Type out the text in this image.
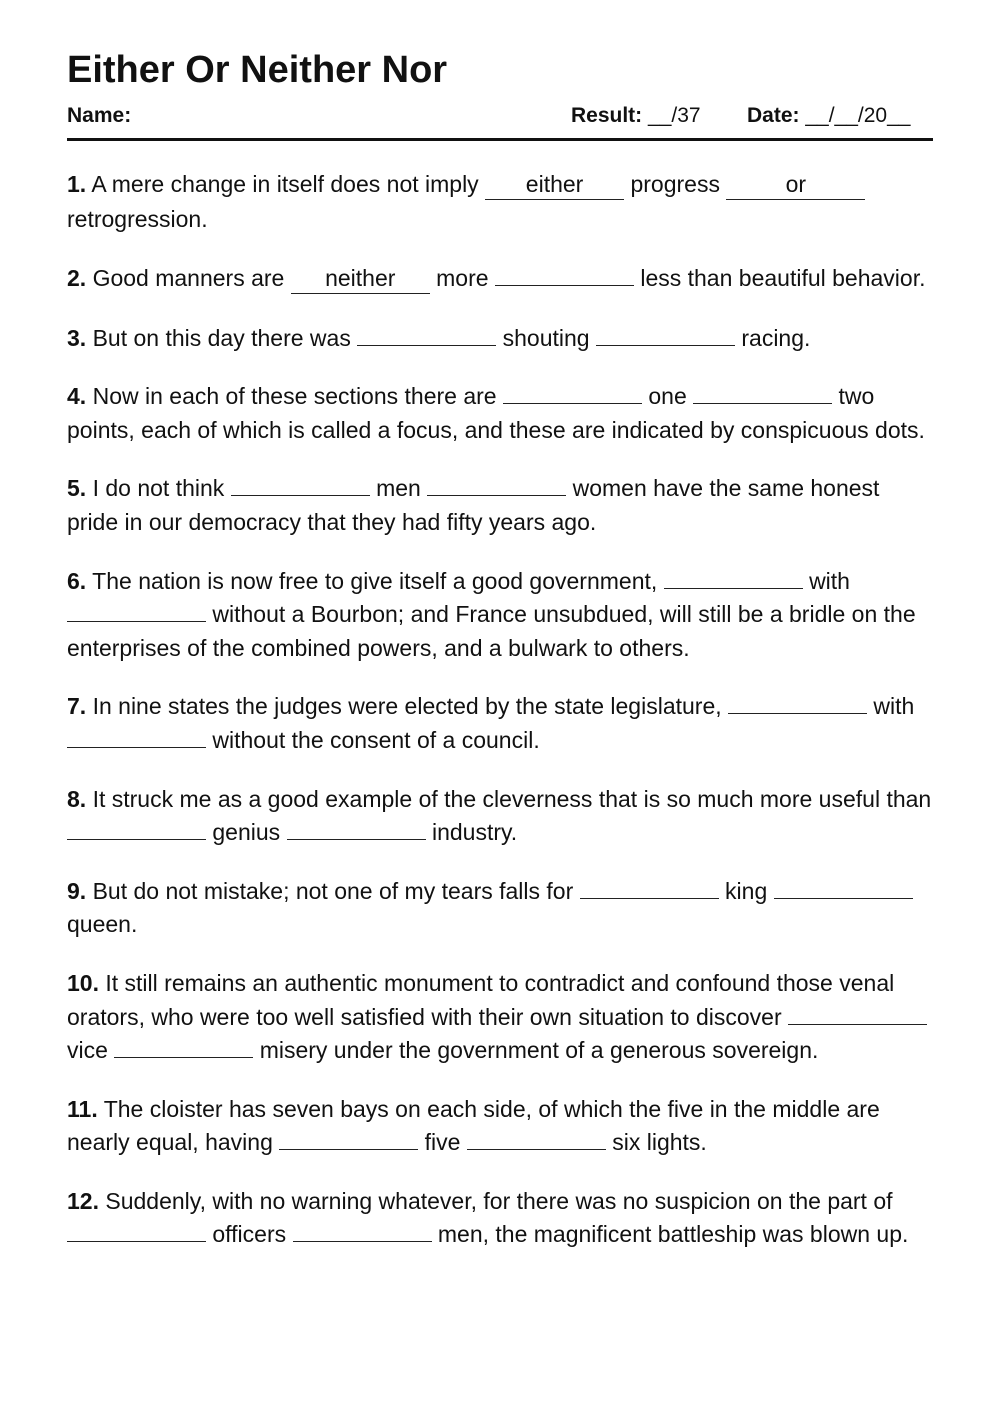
Either Or Neither Nor
Name:	Result: __/37 Date: __/__/20__
1. A mere change in itself does not imply either progress	or retrogression.
2. Good manners are neither more	less than beautiful behavior.
3. But on this day there was	shouting	racing.
4. Now in each of these sections there are	one	two points, each of which is called a focus, and these are indicated by conspicuous dots.
5. I do not think	men	women have the same honest pride in our democracy that they had fifty years ago.
6. The nation is now free to give itself a good government,	with  without a Bourbon; and France unsubdued, will still be a bridle on the enterprises of the combined powers, and a bulwark to others.
7. In nine states the judges were elected by the state legislature,	with  without the consent of a council.
8. It struck me as a good example of the cleverness that is so much more useful than  genius	industry.
9. But do not mistake; not one of my tears falls for	king  queen.
10. It still remains an authentic monument to contradict and confound those venal orators, who were too well satisfied with their own situation to discover  vice	misery under the government of a generous sovereign.
11. The cloister has seven bays on each side, of which the five in the middle are nearly equal, having	five	six lights.
12. Suddenly, with no warning whatever, for there was no suspicion on the part of  officers	men, the magnificent battleship was blown up.
